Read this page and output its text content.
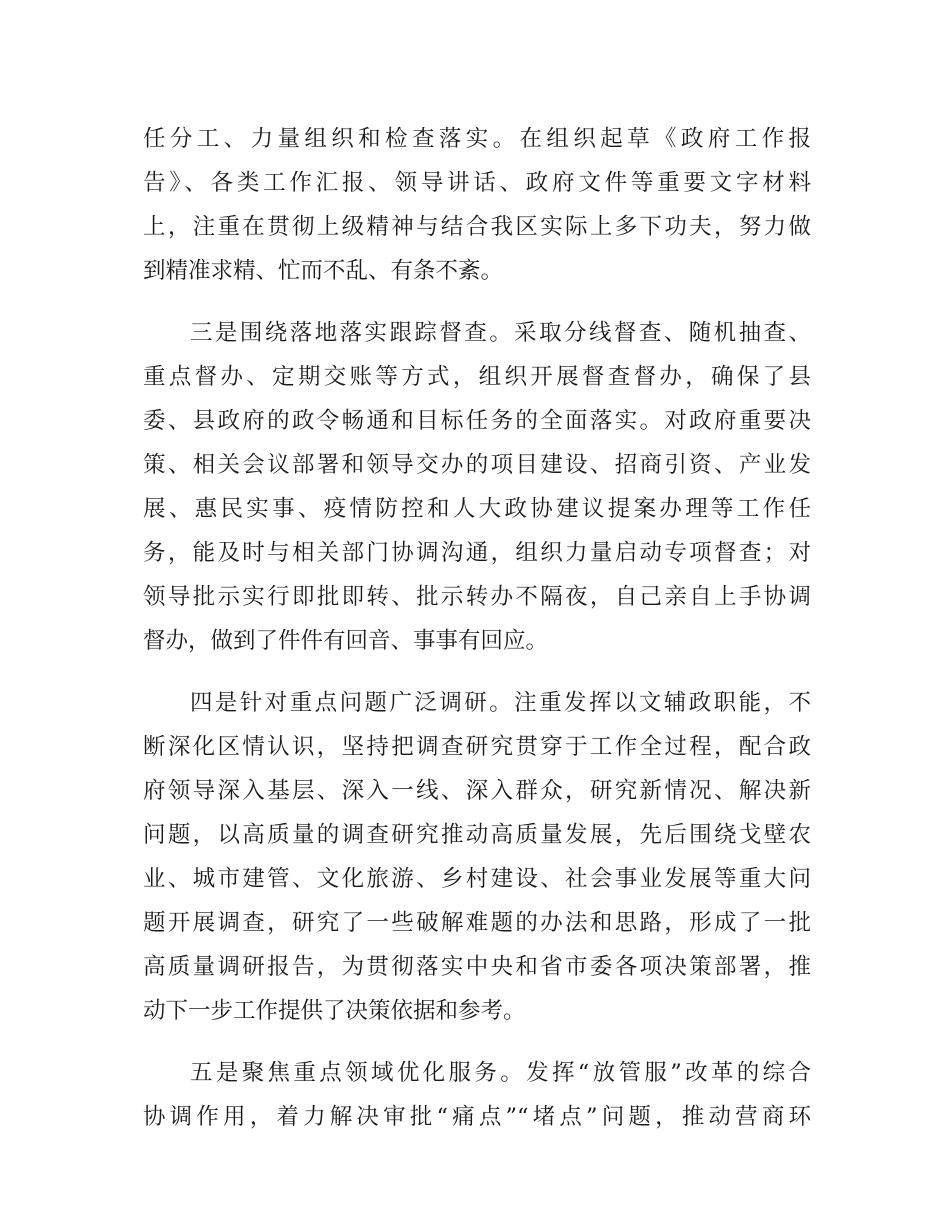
任分工、力量组织和检查落实。在组织起草《政府工作报
告》、各类工作汇报、领导讲话、政府文件等重要文字材料
上，注重在贯彻上级精神与结合我区实际上多下功夫，努力做
到精准求精、忙而不乱、有条不紊。
三是围绕落地落实跟踪督查。采取分线督查、随机抽查、
重点督办、定期交账等方式，组织开展督查督办，确保了县
委、县政府的政令畅通和目标任务的全面落实。对政府重要决
策、相关会议部署和领导交办的项目建设、招商引资、产业发
展、惠民实事、疫情防控和人大政协建议提案办理等工作任
务，能及时与相关部门协调沟通，组织力量启动专项督查；对
领导批示实行即批即转、批示转办不隔夜，自己亲自上手协调
督办，做到了件件有回音、事事有回应。
四是针对重点问题广泛调研。注重发挥以文辅政职能，不
断深化区情认识，坚持把调查研究贯穿于工作全过程，配合政
府领导深入基层、深入一线、深入群众，研究新情况、解决新
问题，以高质量的调查研究推动高质量发展，先后围绕戈壁农
业、城市建管、文化旅游、乡村建设、社会事业发展等重大问
题开展调查，研究了一些破解难题的办法和思路，形成了一批
高质量调研报告，为贯彻落实中央和省市委各项决策部署，推
动下一步工作提供了决策依据和参考。
五是聚焦重点领域优化服务。发挥“放管服”改革的综合
协调作用，着力解决审批“痛点”“堵点”问题，推动营商环
